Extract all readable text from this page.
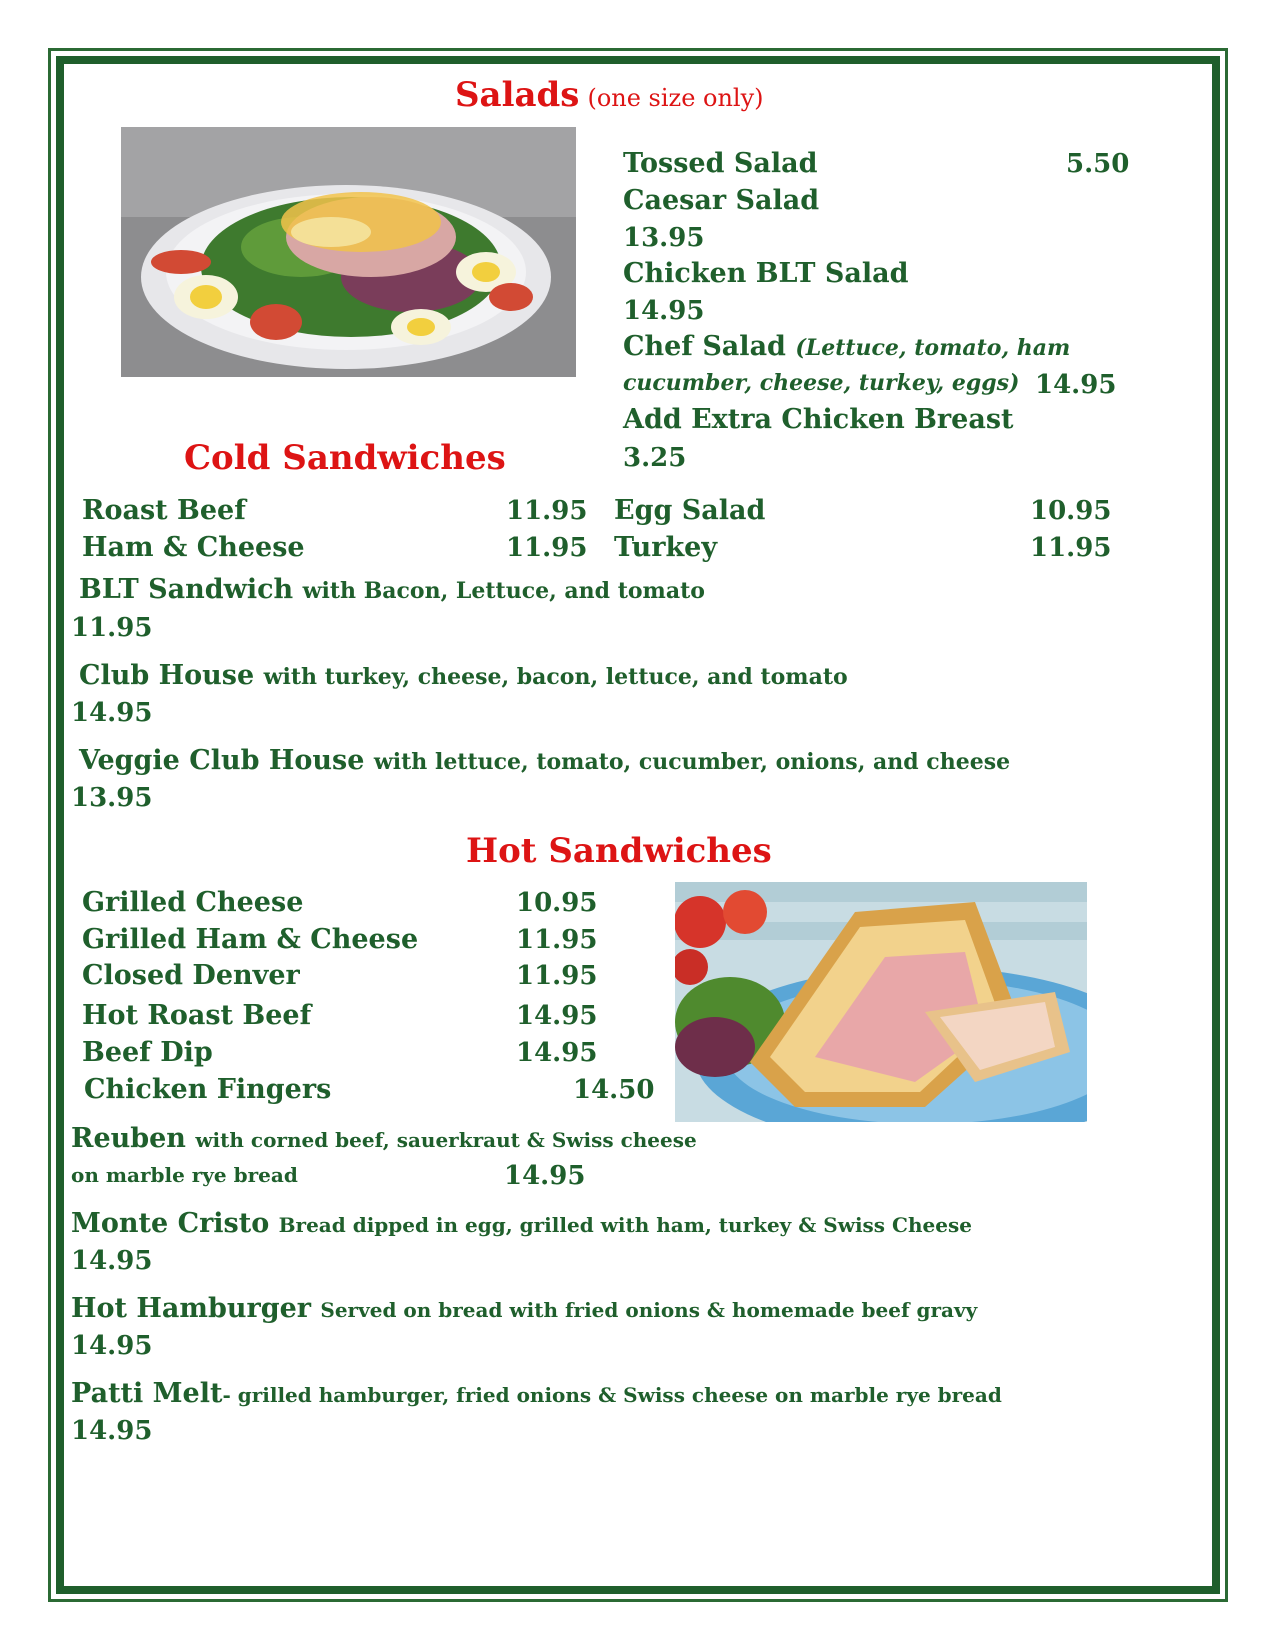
Salads (one size only)
Tossed Salad	5.50
Caesar Salad
13.95
Chicken BLT Salad
14.95
Chef Salad (Lettuce, tomato, ham
cucumber, cheese, turkey, eggs) 14.95
Add Extra Chicken Breast
3.25
Cold Sandwiches
Roast Beef	11.95
Ham & Cheese	11.95
Egg Salad	10.95
Turkey	11.95
BLT Sandwich with Bacon, Lettuce, and tomato
11.95
Club House with turkey, cheese, bacon, lettuce, and tomato
14.95
Veggie Club House with lettuce, tomato, cucumber, onions, and cheese
13.95
Hot Sandwiches
Grilled Cheese	10.95
Grilled Ham & Cheese	11.95
Closed Denver	11.95
Hot Roast Beef	14.95
Beef Dip	14.95
Chicken Fingers	14.50
Reuben with corned beef, sauerkraut & Swiss cheese
on marble rye bread	14.95
Monte Cristo Bread dipped in egg, grilled with ham, turkey & Swiss Cheese
14.95
Hot Hamburger Served on bread with fried onions & homemade beef gravy
14.95
Patti Melt- grilled hamburger, fried onions & Swiss cheese on marble rye bread
14.95
